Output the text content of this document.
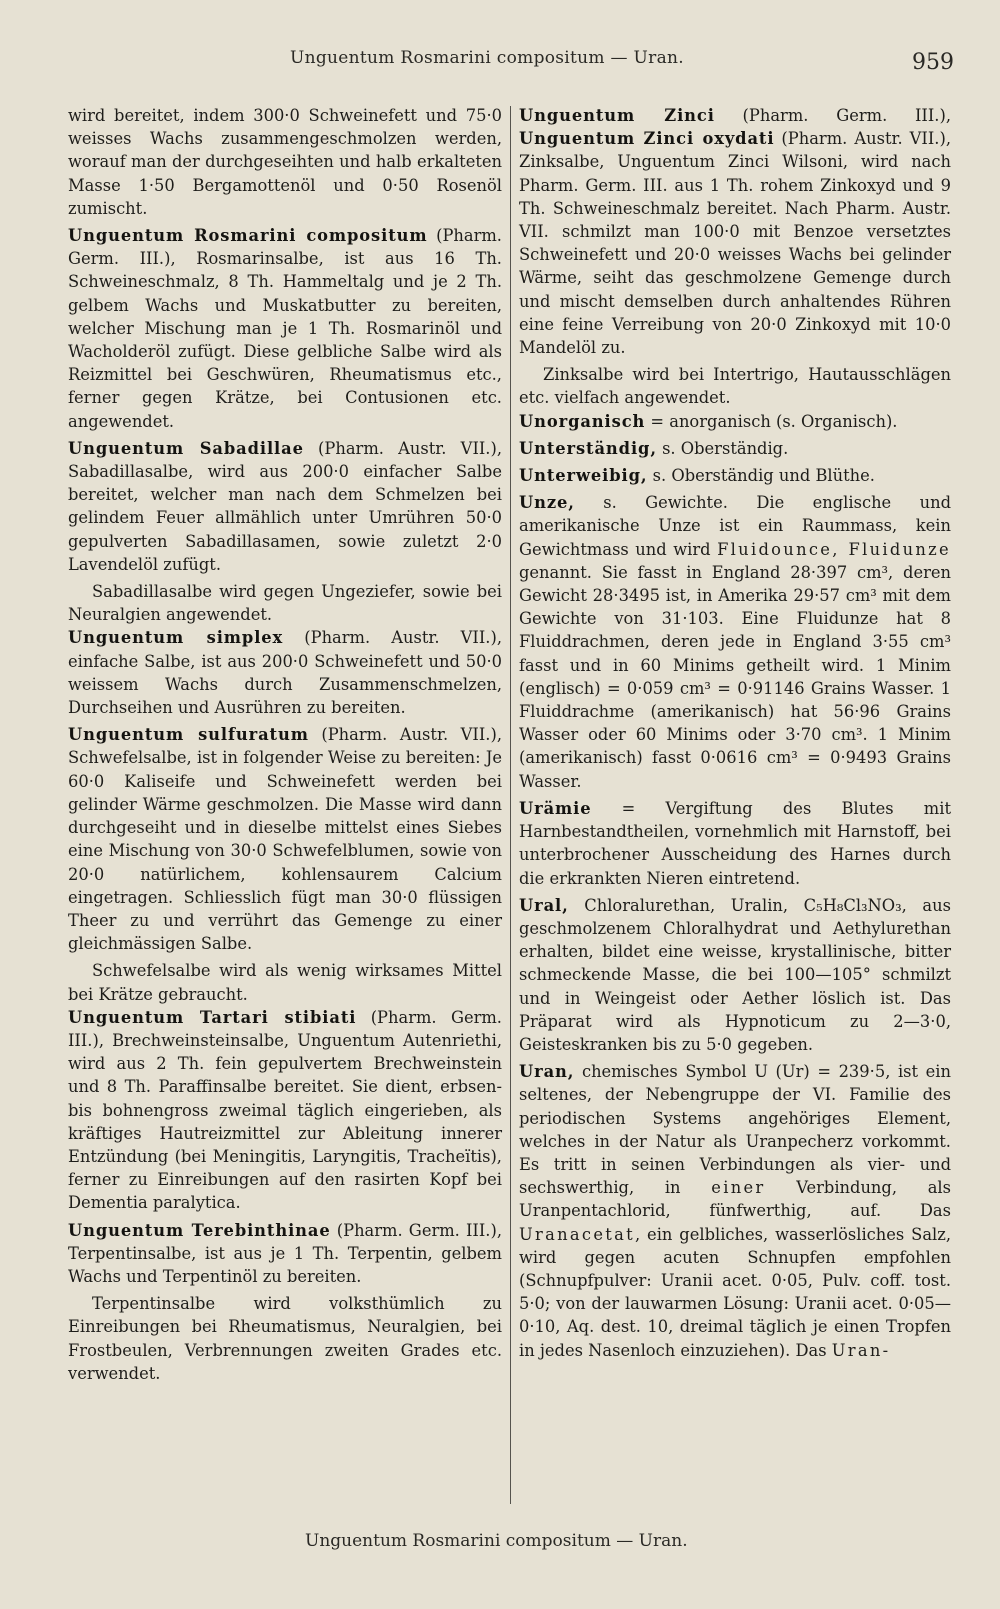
Unguentum Rosmarini compositum — Uran.	959

wird bereitet, indem 300·0 Schweinefett und 75·0 weisses Wachs zusammengeschmolzen werden, worauf man der durchgeseihten und halb erkalteten Masse 1·50 Bergamottenöl und 0·50 Rosenöl zumischt.

Unguentum Rosmarini compositum (Pharm. Germ. III.), Rosmarinsalbe, ist aus 16 Th. Schweineschmalz, 8 Th. Hammeltalg und je 2 Th. gelbem Wachs und Muskatbutter zu bereiten, welcher Mischung man je 1 Th. Rosmarinöl und Wacholderöl zufügt. Diese gelbliche Salbe wird als Reizmittel bei Geschwüren, Rheumatismus etc., ferner gegen Krätze, bei Contusionen etc. angewendet.

Unguentum Sabadillae (Pharm. Austr. VII.), Sabadillasalbe, wird aus 200·0 einfacher Salbe bereitet, welcher man nach dem Schmelzen bei gelindem Feuer allmählich unter Umrühren 50·0 gepulverten Sabadillasamen, sowie zuletzt 2·0 Lavendelöl zufügt.

Sabadillasalbe wird gegen Ungeziefer, sowie bei Neuralgien angewendet.

Unguentum simplex (Pharm. Austr. VII.), einfache Salbe, ist aus 200·0 Schweinefett und 50·0 weissem Wachs durch Zusammenschmelzen, Durchseihen und Ausrühren zu bereiten.

Unguentum sulfuratum (Pharm. Austr. VII.), Schwefelsalbe, ist in folgender Weise zu bereiten: Je 60·0 Kaliseife und Schweinefett werden bei gelinder Wärme geschmolzen. Die Masse wird dann durchgeseiht und in dieselbe mittelst eines Siebes eine Mischung von 30·0 Schwefelblumen, sowie von 20·0 natürlichem, kohlensaurem Calcium eingetragen. Schliesslich fügt man 30·0 flüssigen Theer zu und verrührt das Gemenge zu einer gleichmässigen Salbe.

Schwefelsalbe wird als wenig wirksames Mittel bei Krätze gebraucht.

Unguentum Tartari stibiati (Pharm. Germ. III.), Brechweinsteinsalbe, Unguentum Autenriethi, wird aus 2 Th. fein gepulvertem Brechweinstein und 8 Th. Paraffinsalbe bereitet. Sie dient, erbsen- bis bohnengross zweimal täglich eingerieben, als kräftiges Hautreizmittel zur Ableitung innerer Entzündung (bei Meningitis, Laryngitis, Tracheïtis), ferner zu Einreibungen auf den rasirten Kopf bei Dementia paralytica.

Unguentum Terebinthinae (Pharm. Germ. III.), Terpentinsalbe, ist aus je 1 Th. Terpentin, gelbem Wachs und Terpentinöl zu bereiten.

Terpentinsalbe wird volksthümlich zu Einreibungen bei Rheumatismus, Neuralgien, bei Frostbeulen, Verbrennungen zweiten Grades etc. verwendet.

Unguentum Zinci (Pharm. Germ. III.), Unguentum Zinci oxydati (Pharm. Austr. VII.), Zinksalbe, Unguentum Zinci Wilsoni, wird nach Pharm. Germ. III. aus 1 Th. rohem Zinkoxyd und 9 Th. Schweineschmalz bereitet. Nach Pharm. Austr. VII. schmilzt man 100·0 mit Benzoe versetztes Schweinefett und 20·0 weisses Wachs bei gelinder Wärme, seiht das geschmolzene Gemenge durch und mischt demselben durch anhaltendes Rühren eine feine Verreibung von 20·0 Zinkoxyd mit 10·0 Mandelöl zu.

Zinksalbe wird bei Intertrigo, Hautausschlägen etc. vielfach angewendet.

Unorganisch = anorganisch (s. Organisch).

Unterständig, s. Oberständig.

Unterweibig, s. Oberständig und Blüthe.

Unze, s. Gewichte. Die englische und amerikanische Unze ist ein Raummass, kein Gewichtmass und wird Fluidounce, Fluidunze genannt. Sie fasst in England 28·397 cm³, deren Gewicht 28·3495 ist, in Amerika 29·57 cm³ mit dem Gewichte von 31·103. Eine Fluidunze hat 8 Fluiddrachmen, deren jede in England 3·55 cm³ fasst und in 60 Minims getheilt wird. 1 Minim (englisch) = 0·059 cm³ = 0·91146 Grains Wasser. 1 Fluiddrachme (amerikanisch) hat 56·96 Grains Wasser oder 60 Minims oder 3·70 cm³. 1 Minim (amerikanisch) fasst 0·0616 cm³ = 0·9493 Grains Wasser.

Urämie = Vergiftung des Blutes mit Harnbestandtheilen, vornehmlich mit Harnstoff, bei unterbrochener Ausscheidung des Harnes durch die erkrankten Nieren eintretend.

Ural, Chloralurethan, Uralin, C₅H₈Cl₃NO₃, aus geschmolzenem Chloralhydrat und Aethylurethan erhalten, bildet eine weisse, krystallinische, bitter schmeckende Masse, die bei 100—105° schmilzt und in Weingeist oder Aether löslich ist. Das Präparat wird als Hypnoticum zu 2—3·0, Geisteskranken bis zu 5·0 gegeben.

Uran, chemisches Symbol U (Ur) = 239·5, ist ein seltenes, der Nebengruppe der VI. Familie des periodischen Systems angehöriges Element, welches in der Natur als Uranpecherz vorkommt. Es tritt in seinen Verbindungen als vier- und sechswerthig, in einer Verbindung, als Uranpentachlorid, fünfwerthig, auf. Das Uranacetat, ein gelbliches, wasserlösliches Salz, wird gegen acuten Schnupfen empfohlen (Schnupfpulver: Uranii acet. 0·05, Pulv. coff. tost. 5·0; von der lauwarmen Lösung: Uranii acet. 0·05—0·10, Aq. dest. 10, dreimal täglich je einen Tropfen in jedes Nasenloch einzuziehen). Das Uran-

Unguentum Rosmarini compositum — Uran.
